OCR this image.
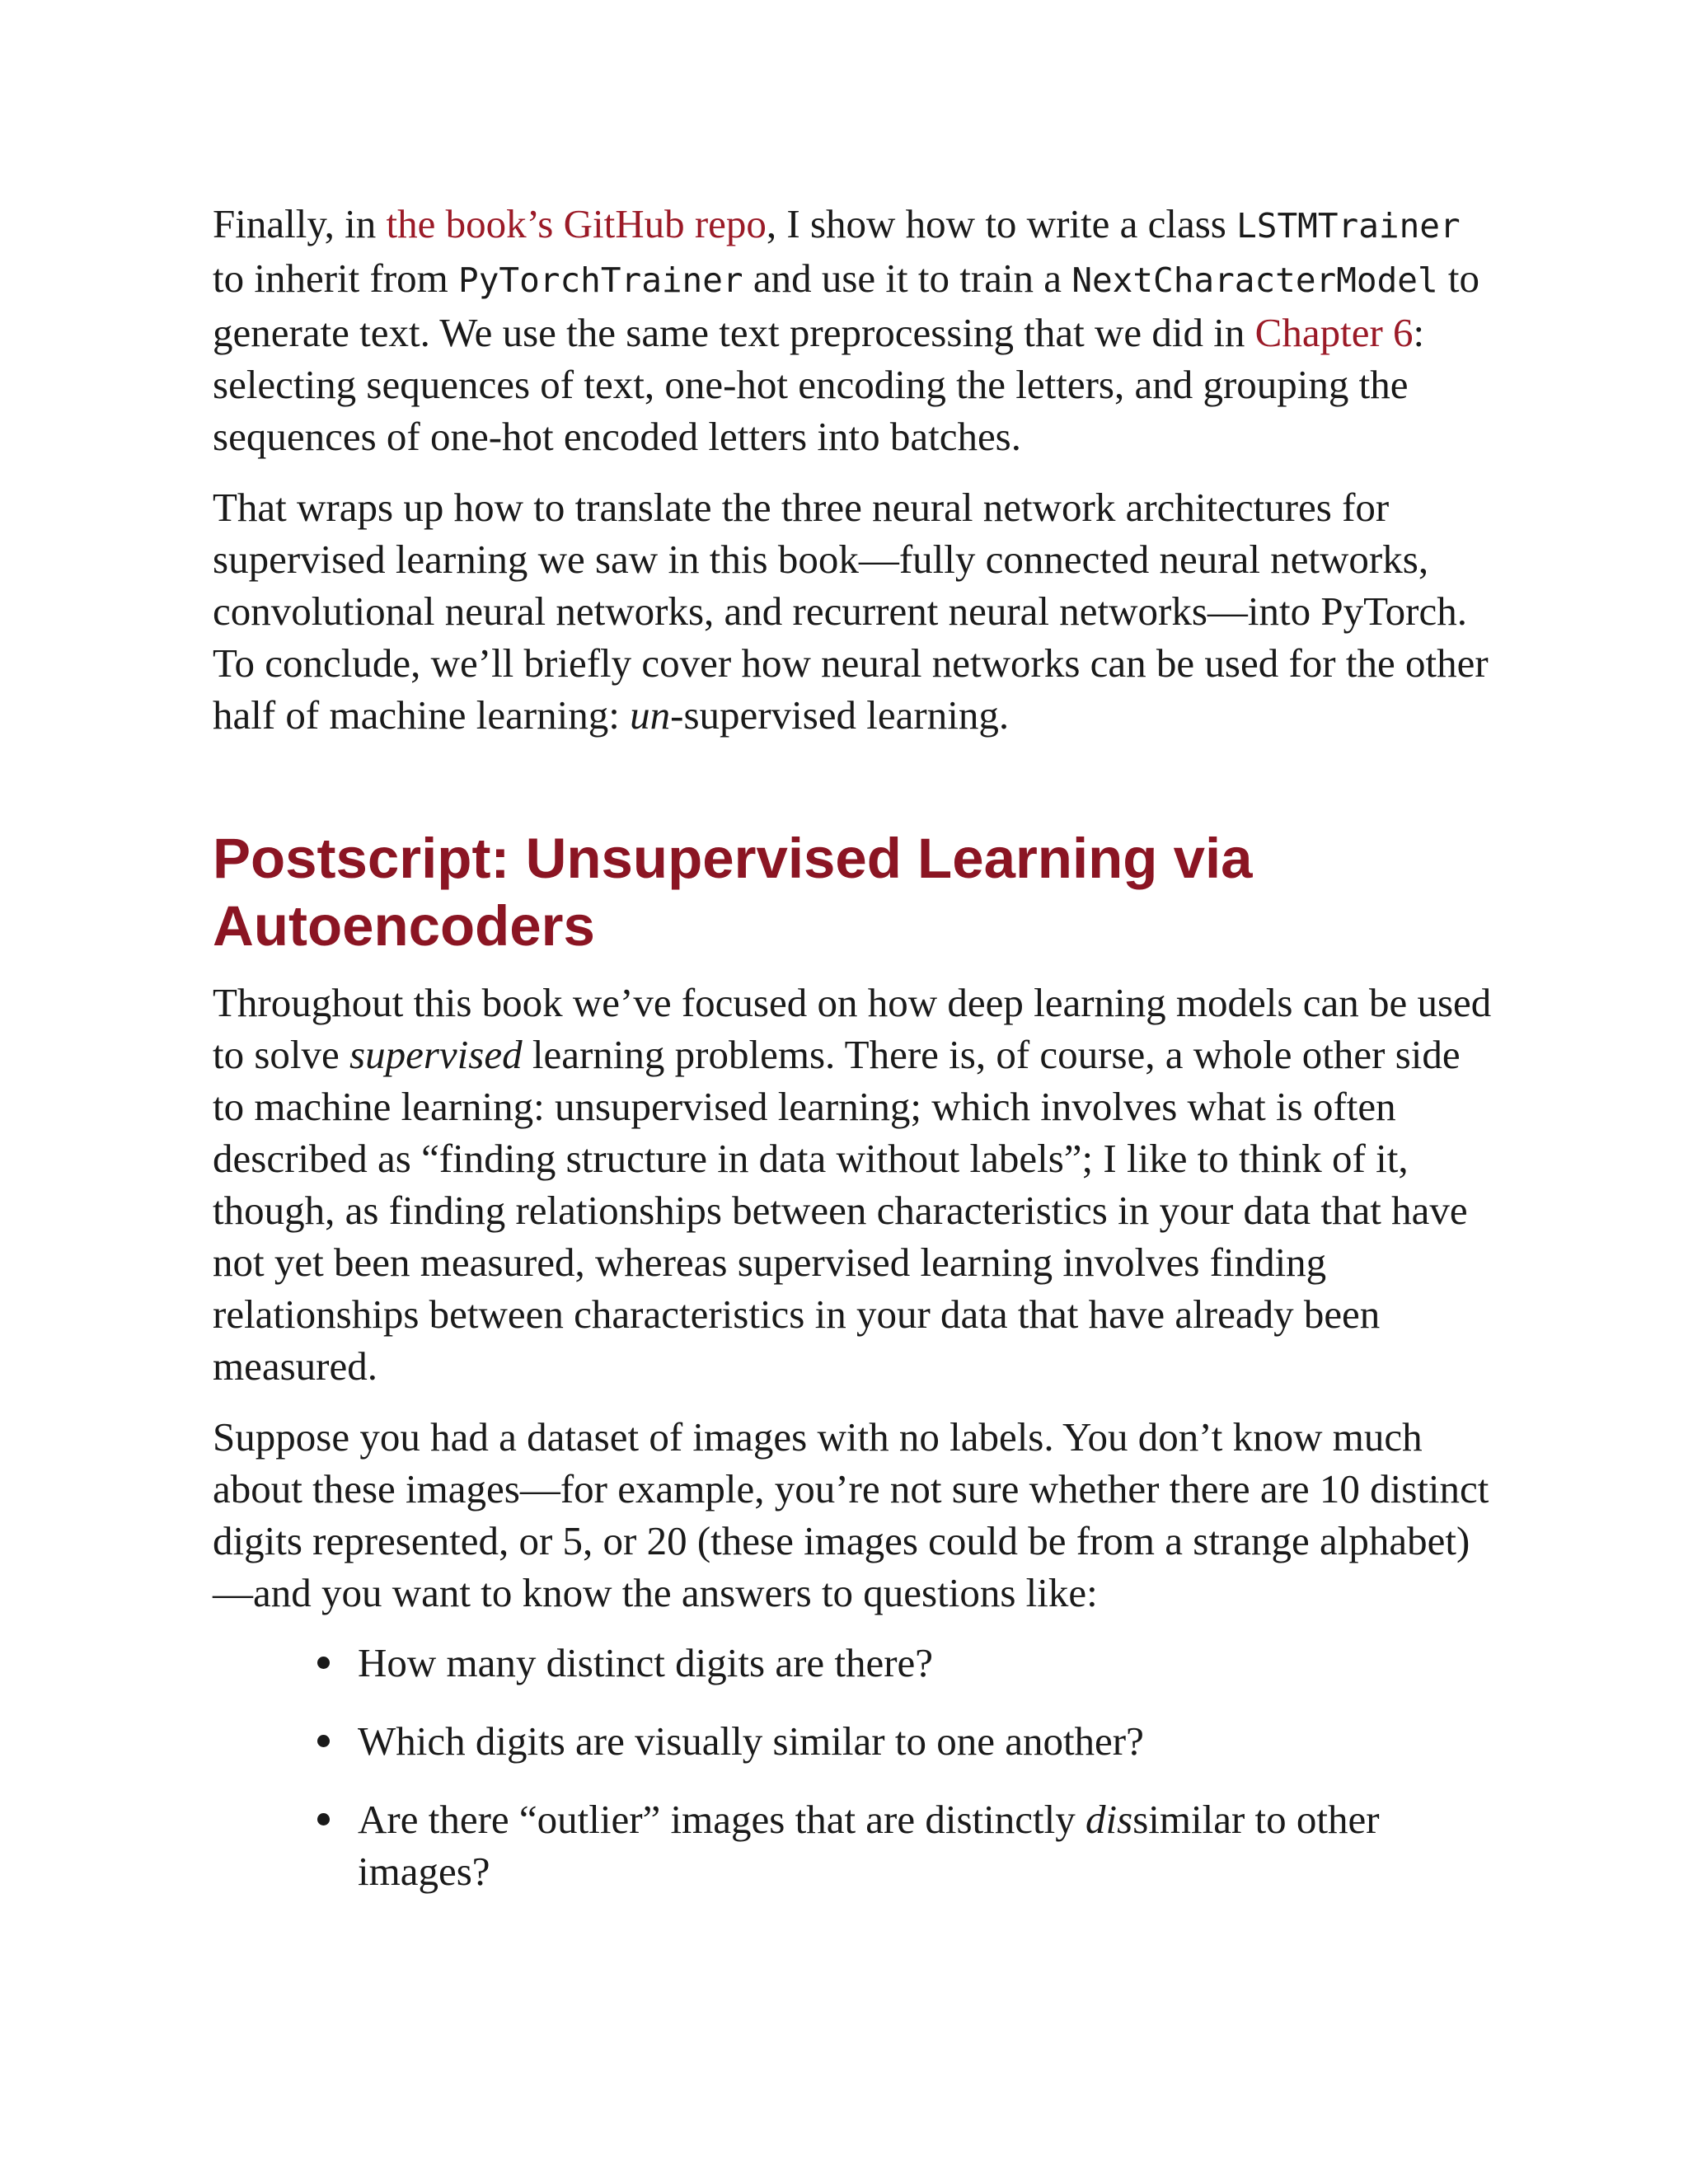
Finally, in the book’s GitHub repo, I show how to write a class LSTMTrainer to inherit from PyTorchTrainer and use it to train a NextCharacterModel to generate text. We use the same text preprocessing that we did in Chapter 6: selecting sequences of text, one-hot encoding the letters, and grouping the sequences of one-hot encoded letters into batches.

That wraps up how to translate the three neural network architectures for supervised learning we saw in this book—fully connected neural networks, convolutional neural networks, and recurrent neural networks—into PyTorch. To conclude, we’ll briefly cover how neural networks can be used for the other half of machine learning: un-supervised learning.

Postscript: Unsupervised Learning via Autoencoders

Throughout this book we’ve focused on how deep learning models can be used to solve supervised learning problems. There is, of course, a whole other side to machine learning: unsupervised learning; which involves what is often described as “finding structure in data without labels”; I like to think of it, though, as finding relationships between characteristics in your data that have not yet been measured, whereas supervised learning involves finding relationships between characteristics in your data that have already been measured.

Suppose you had a dataset of images with no labels. You don’t know much about these images—for example, you’re not sure whether there are 10 distinct digits represented, or 5, or 20 (these images could be from a strange alphabet)—and you want to know the answers to questions like:

How many distinct digits are there?
Which digits are visually similar to one another?
Are there “outlier” images that are distinctly dissimilar to other images?
